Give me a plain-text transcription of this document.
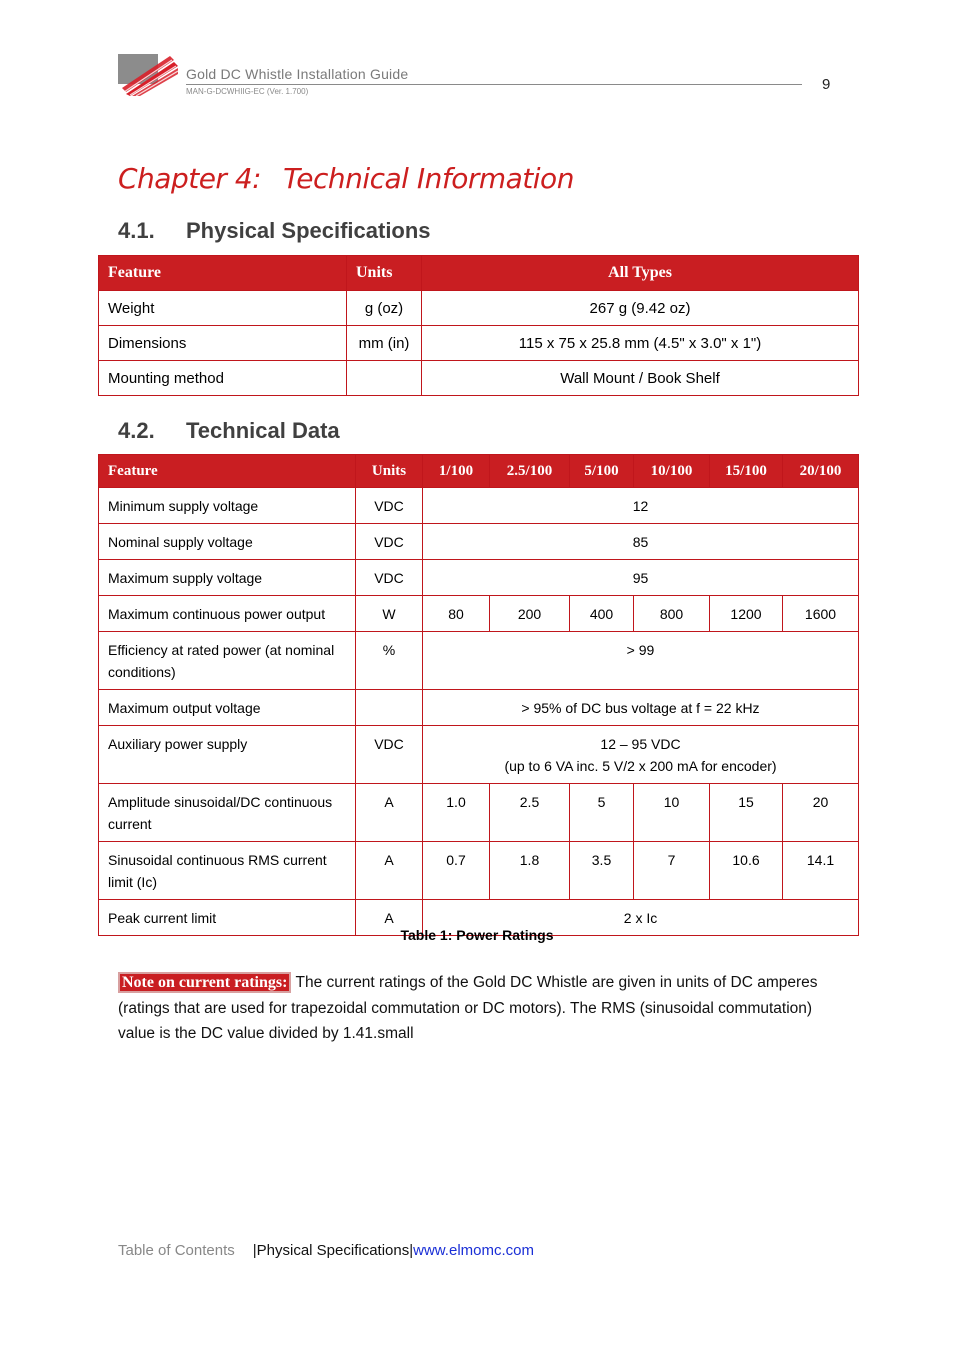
Gold DC Whistle Installation Guide
MAN-G-DCWHIIG-EC (Ver. 1.700)	9
Chapter 4: Technical Information
4.1. Physical Specifications
Feature	Units	All Types
Weight	g (oz)	267 g (9.42 oz)
Dimensions	mm (in)	115 x 75 x 25.8 mm (4.5" x 3.0" x 1")
Mounting method		Wall Mount / Book Shelf
4.2. Technical Data
Feature	Units	1/100	2.5/100	5/100	10/100	15/100	20/100
Minimum supply voltage	VDC	12					
Nominal supply voltage	VDC	85					
Maximum supply voltage	VDC	95					
Maximum continuous power output	W	80	200	400	800	1200	1600
Efficiency at rated power (at nominal conditions)	%	> 99					
Maximum output voltage		> 95% of DC bus voltage at f = 22 kHz					
Auxiliary power supply	VDC	12 – 95 VDC
(up to 6 VA inc. 5 V/2 x 200 mA for encoder)					

Amplitude sinusoidal/DC continuous current	A	1.0	2.5	5	10	15	20
Sinusoidal continuous RMS current limit (Ic)	A	0.7	1.8	3.5	7	10.6	14.1
Peak current limit	A	2 x Ic					
Table 1: Power Ratings
Note on current ratings: The current ratings of the Gold DC Whistle are given in units of DC amperes (ratings that are used for trapezoidal commutation or DC motors). The RMS (sinusoidal commutation) value is the DC value divided by 1.41.small
Table of Contents |Physical Specifications|www.elmomc.com
